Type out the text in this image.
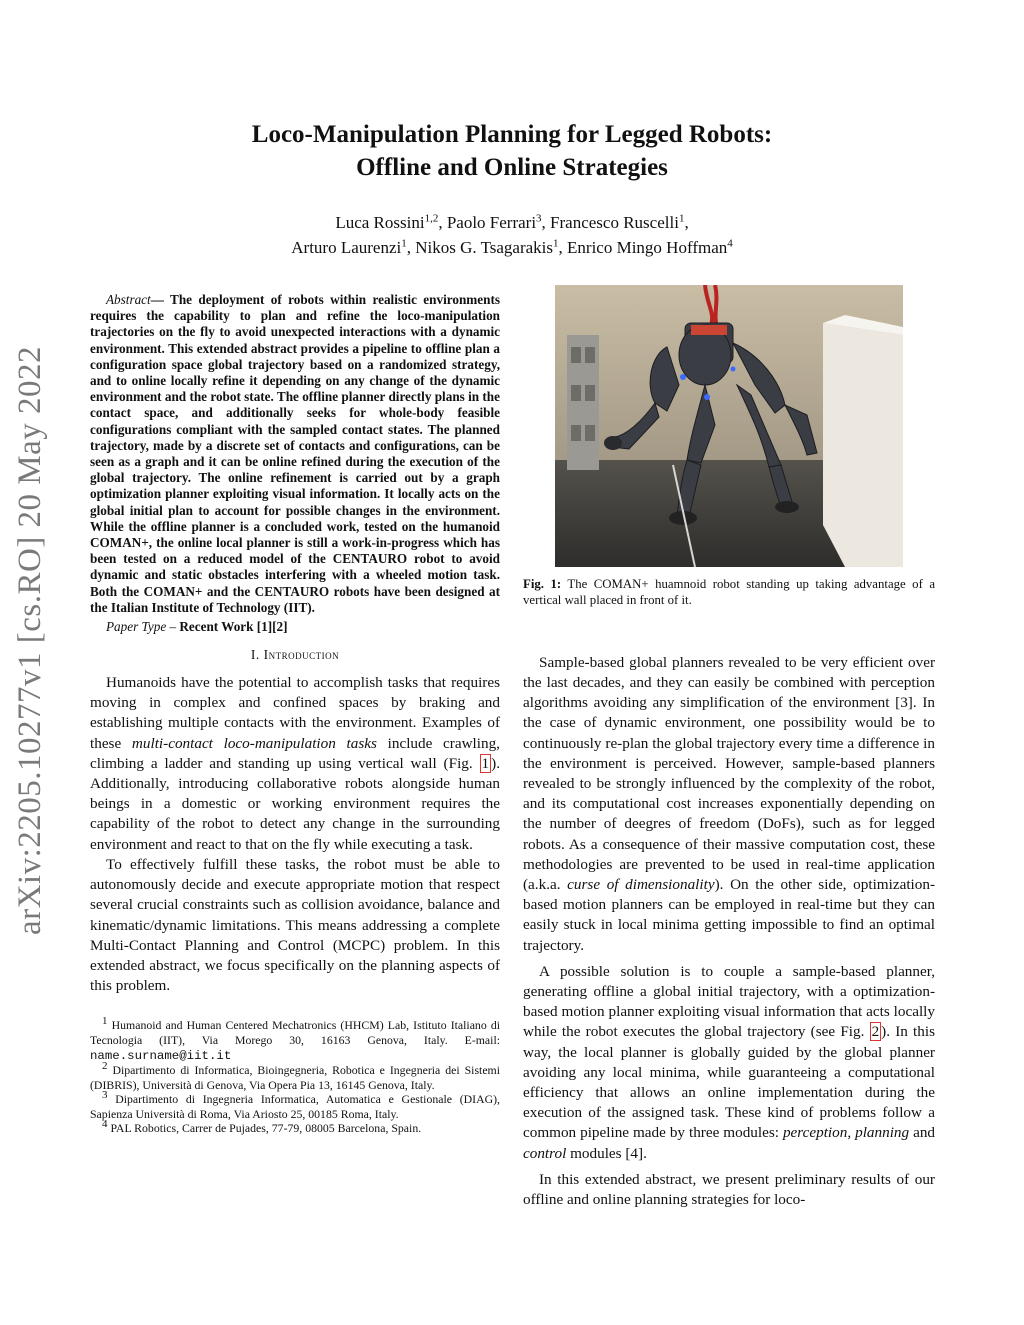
arXiv:2205.10277v1 [cs.RO] 20 May 2022
Loco-Manipulation Planning for Legged Robots:
Offline and Online Strategies
Luca Rossini$^{1,2}$, Paolo Ferrari$^3$, Francesco Ruscelli$^1$,
Arturo Laurenzi$^1$, Nikos G. Tsagarakis$^1$, Enrico Mingo Hoffman$^4$

Abstract— The deployment of robots within realistic environments requires the capability to plan and refine the loco-manipulation trajectories on the fly to avoid unexpected interactions with a dynamic environment. This extended abstract provides a pipeline to offline plan a configuration space global trajectory based on a randomized strategy, and to online locally refine it depending on any change of the dynamic environment and the robot state. The offline planner directly plans in the contact space, and additionally seeks for whole-body feasible configurations compliant with the sampled contact states. The planned trajectory, made by a discrete set of contacts and configurations, can be seen as a graph and it can be online refined during the execution of the global trajectory. The online refinement is carried out by a graph optimization planner exploiting visual information. It locally acts on the global initial plan to account for possible changes in the environment. While the offline planner is a concluded work, tested on the humanoid COMAN+, the online local planner is still a work-in-progress which has been tested on a reduced model of the CENTAURO robot to avoid dynamic and static obstacles interfering with a wheeled motion task. Both the COMAN+ and the CENTAURO robots have been designed at the Italian Institute of Technology (IIT).

Paper Type – Recent Work [1][2]

I. Introduction

Humanoids have the potential to accomplish tasks that requires moving in complex and confined spaces by braking and establishing multiple contacts with the environment. Examples of these multi-contact loco-manipulation tasks include crawling, climbing a ladder and standing up using vertical wall (Fig. 1 ). Additionally, introducing collaborative robots alongside human beings in a domestic or working environment requires the capability of the robot to detect any change in the surrounding environment and react to that on the fly while executing a task.

To effectively fulfill these tasks, the robot must be able to autonomously decide and execute appropriate motion that respect several crucial constraints such as collision avoidance, balance and kinematic/dynamic limitations. This means addressing a complete Multi-Contact Planning and Control (MCPC) problem. In this extended abstract, we focus specifically on the planning aspects of this problem.

$^1$ Humanoid and Human Centered Mechatronics (HHCM) Lab, Istituto Italiano di Tecnologia (IIT), Via Morego 30, 16163 Genova, Italy. E-mail: name.surname@iit.it

$^2$ Dipartimento di Informatica, Bioingegneria, Robotica e Ingegneria dei Sistemi (DIBRIS), Università di Genova, Via Opera Pia 13, 16145 Genova, Italy.

$^3$ Dipartimento di Ingegneria Informatica, Automatica e Gestionale (DIAG), Sapienza Università di Roma, Via Ariosto 25, 00185 Roma, Italy.

$^4$ PAL Robotics, Carrer de Pujades, 77-79, 08005 Barcelona, Spain.

Fig. 1: The COMAN+ huamnoid robot standing up taking advantage of a vertical wall placed in front of it.

Sample-based global planners revealed to be very efficient over the last decades, and they can easily be combined with perception algorithms avoiding any simplification of the environment [3]. In the case of dynamic environment, one possibility would be to continuously re-plan the global trajectory every time a difference in the environment is perceived. However, sample-based planners revealed to be strongly influenced by the complexity of the robot, and its computational cost increases exponentially depending on the number of deegres of freedom (DoFs), such as for legged robots. As a consequence of their massive computation cost, these methodologies are prevented to be used in real-time application (a.k.a. curse of dimensionality). On the other side, optimization-based motion planners can be employed in real-time but they can easily stuck in local minima getting impossible to find an optimal trajectory.

A possible solution is to couple a sample-based planner, generating offline a global initial trajectory, with a optimization-based motion planner exploiting visual information that acts locally while the robot executes the global trajectory (see Fig. 2 ). In this way, the local planner is globally guided by the global planner avoiding any local minima, while guaranteeing a computational efficiency that allows an online implementation during the execution of the assigned task. These kind of problems follow a common pipeline made by three modules: perception, planning and control modules [4].

In this extended abstract, we present preliminary results of our offline and online planning strategies for loco-
